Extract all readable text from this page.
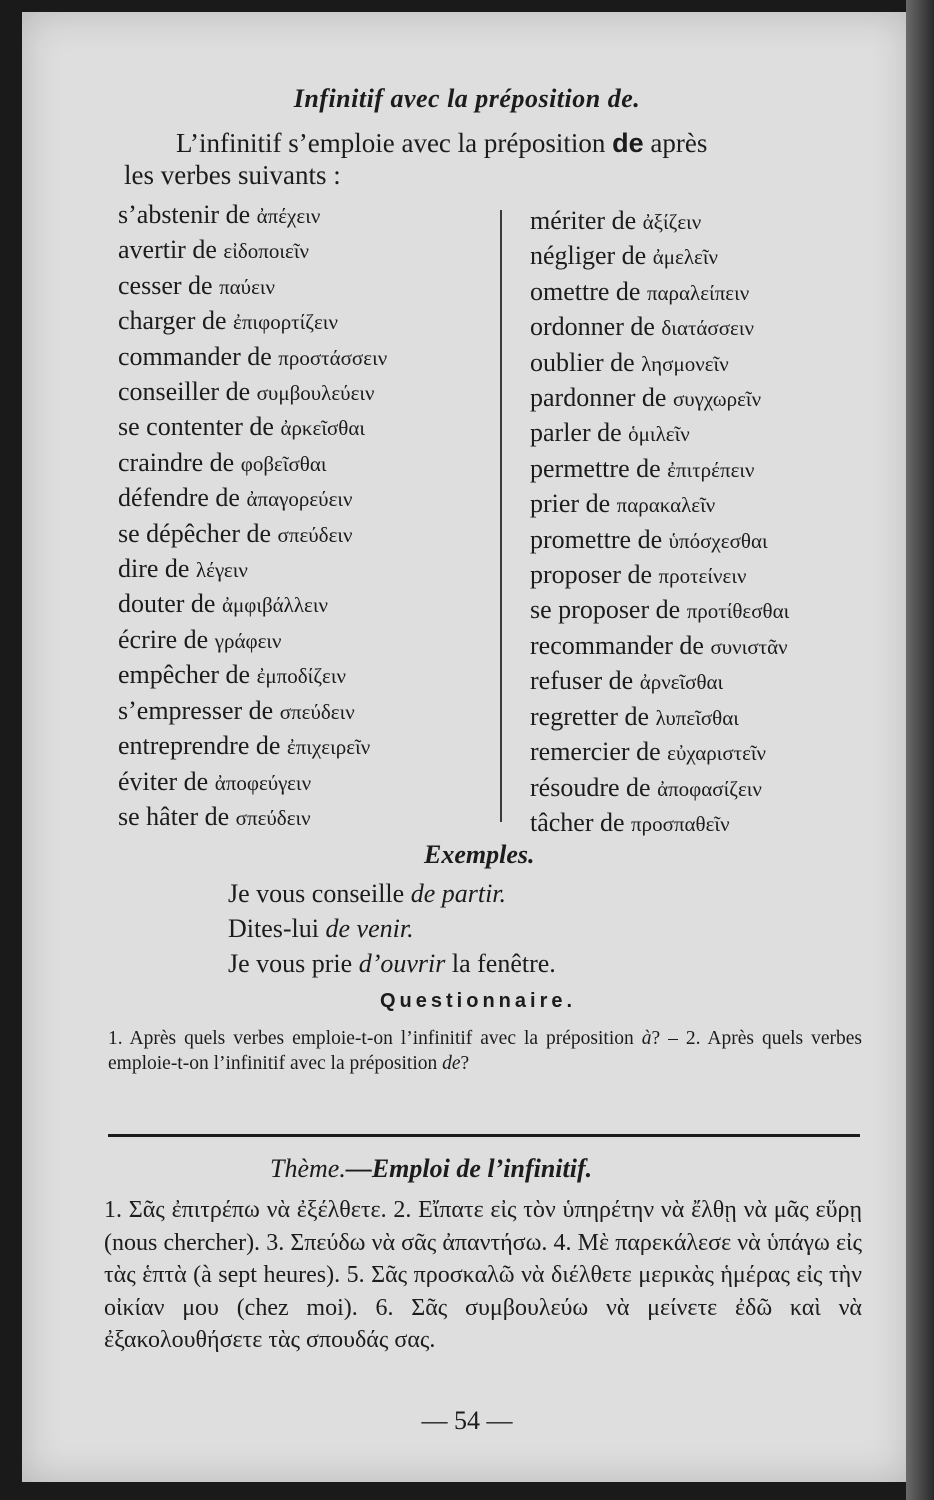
Infinitif avec la préposition de.
L’infinitif s’emploie avec la préposition de après
les verbes suivants :
s’abstenir de ἀπέχειν
avertir de εἰδοποιεῖν
cesser de παύειν
charger de ἐπιφορτίζειν
commander de προστάσσειν
conseiller de συμβουλεύειν
se contenter de ἀρκεῖσθαι
craindre de φοβεῖσθαι
défendre de ἀπαγορεύειν
se dépêcher de σπεύδειν
dire de λέγειν
douter de ἀμφιβάλλειν
écrire de γράφειν
empêcher de ἐμποδίζειν
s’empresser de σπεύδειν
entreprendre de ἐπιχειρεῖν
éviter de ἀποφεύγειν
se hâter de σπεύδειν
mériter de ἀξίζειν
négliger de ἀμελεῖν
omettre de παραλείπειν
ordonner de διατάσσειν
oublier de λησμονεῖν
pardonner de συγχωρεῖν
parler de ὁμιλεῖν
permettre de ἐπιτρέπειν
prier de παρακαλεῖν
promettre de ὑπόσχεσθαι
proposer de προτείνειν
se proposer de προτίθεσθαι
recommander de συνιστᾶν
refuser de ἀρνεῖσθαι
regretter de λυπεῖσθαι
remercier de εὐχαριστεῖν
résoudre de ἀποφασίζειν
tâcher de προσπαθεῖν
Exemples.
Je vous conseille de partir.
Dites-lui de venir.
Je vous prie d’ouvrir la fenêtre.
Questionnaire.
1. Après quels verbes emploie-t-on l’infinitif avec la préposition à? – 2. Après quels verbes emploie-t-on l’infinitif avec la préposition de?
Thème.—Emploi de l’infinitif.
1. Σᾶς ἐπιτρέπω νὰ ἐξέλθετε. 2. Εἴπατε εἰς τὸν ὑπηρέτην νὰ ἔλθῃ νὰ μᾶς εὕρῃ (nous chercher). 3. Σπεύδω νὰ σᾶς ἀπαντήσω. 4. Μὲ παρεκάλεσε νὰ ὑπάγω εἰς τὰς ἑπτὰ (à sept heures). 5. Σᾶς προσκαλῶ νὰ διέλθετε μερικὰς ἡμέρας εἰς τὴν οἰκίαν μου (chez moi). 6. Σᾶς συμβουλεύω νὰ μείνετε ἐδῶ καὶ νὰ ἐξακολουθήσετε τὰς σπουδάς σας.
— 54 —
